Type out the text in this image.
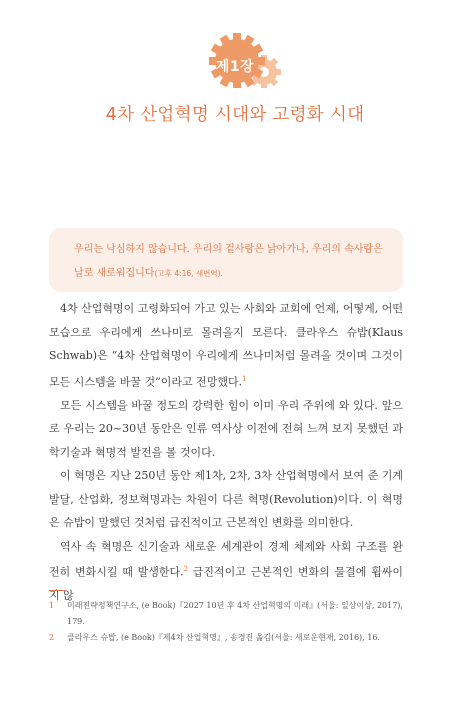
제1장
4차 산업혁명 시대와 고령화 시대
우리는 낙심하지 않습니다. 우리의 겉사람은 낡아가나, 우리의 속사람은 날로 새로워집니다(고후 4:16, 새번역).

4차 산업혁명이 고령화되어 가고 있는 사회와 교회에 언제, 어떻게, 어떤 모습으로 우리에게 쓰나미로 몰려올지 모른다. 클라우스 슈밥(Klaus Schwab)은 “4차 산업혁명이 우리에게 쓰나미처럼 몰려올 것이며 그것이 모든 시스템을 바꿀 것”이라고 전망했다.$^1$

모든 시스템을 바꿀 정도의 강력한 힘이 이미 우리 주위에 와 있다. 앞으로 우리는 20~30년 동안은 인류 역사상 이전에 전혀 느껴 보지 못했던 과학기술과 혁명적 발전을 볼 것이다.

이 혁명은 지난 250년 동안 제1차, 2차, 3차 산업혁명에서 보여 준 기계 발달, 산업화, 정보혁명과는 차원이 다른 혁명(Revolution)이다. 이 혁명은 슈밥이 말했던 것처럼 급진적이고 근본적인 변화를 의미한다.

역사 속 혁명은 신기술과 새로운 세계관이 경제 체제와 사회 구조를 완전히 변화시킬 때 발생한다.$^2$ 급진적이고 근본적인 변화의 물결에 휩싸이지 않

1	미래전략정책연구소, (e Book)『2027 10년 후 4차 산업혁명의 미래』(서울: 일상이상, 2017), 179.
2	클라우스 슈밥, (e Book)『제4차 산업혁명』, 송경진 옮김(서울: 새로운현재, 2016), 16.
